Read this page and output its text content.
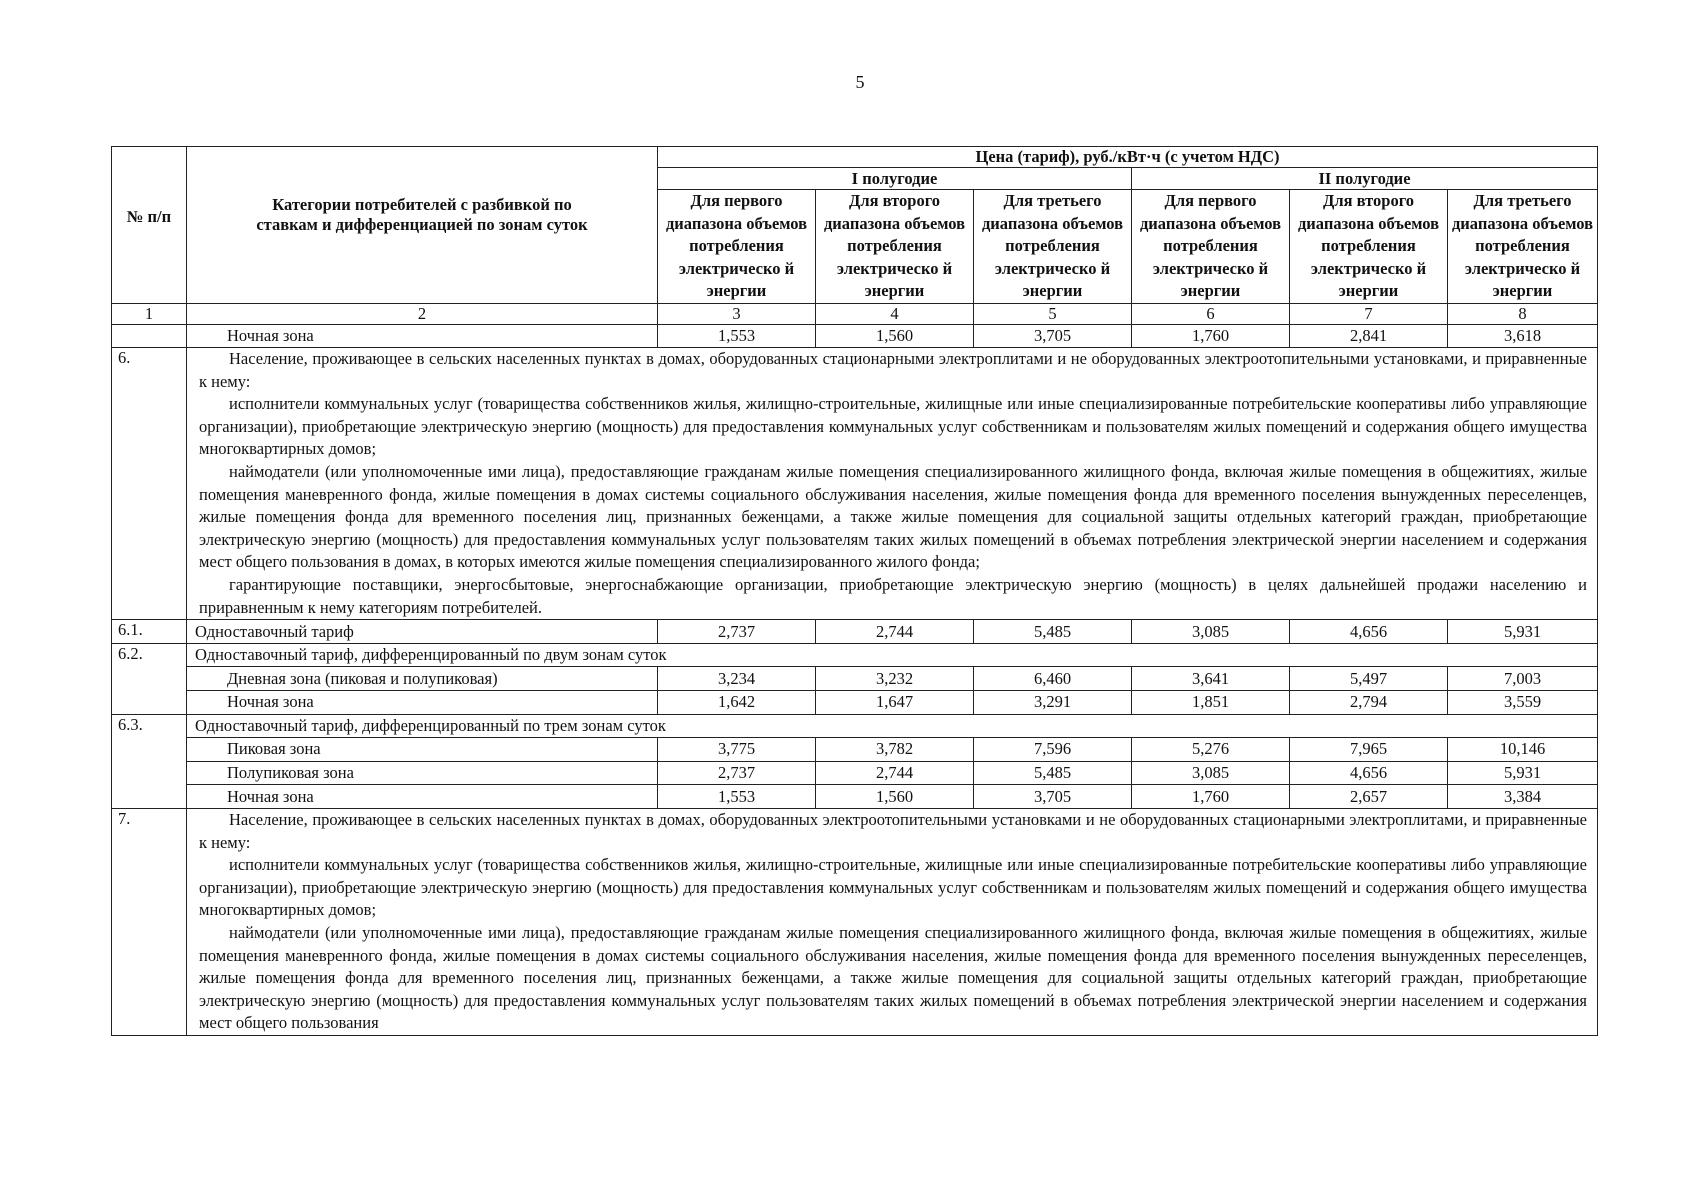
5
№ п/п	Категории потребителей с разбивкой по ставкам и дифференциацией по зонам суток	Цена (тариф), руб./кВт·ч (с учетом НДС)					
		I полугодие			II полугодие		
		Для первого диапазона объемов потребления электрическо й энергии	Для второго диапазона объемов потребления электрическо й энергии	Для третьего диапазона объемов потребления электрическо й энергии	Для первого диапазона объемов потребления электрическо й энергии	Для второго диапазона объемов потребления электрическо й энергии	Для третьего диапазона объемов потребления электрическо й энергии
1	2	3	4	5	6	7	8
	Ночная зона	1,553	1,560	3,705	1,760	2,841	3,618
6.	Население, проживающее в сельских населенных пунктах в домах, оборудованных стационарными электроплитами и не оборудованных электроотопительными установками, и приравненные к нему:

исполнители коммунальных услуг (товарищества собственников жилья, жилищно-строительные, жилищные или иные специализированные потребительские кооперативы либо управляющие организации), приобретающие электрическую энергию (мощность) для предоставления коммунальных услуг собственникам и пользователям жилых помещений и содержания общего имущества многоквартирных домов;

наймодатели (или уполномоченные ими лица), предоставляющие гражданам жилые помещения специализированного жилищного фонда, включая жилые помещения в общежитиях, жилые помещения маневренного фонда, жилые помещения в домах системы социального обслуживания населения, жилые помещения фонда для временного поселения вынужденных переселенцев, жилые помещения фонда для временного поселения лиц, признанных беженцами, а также жилые помещения для социальной защиты отдельных категорий граждан, приобретающие электрическую энергию (мощность) для предоставления коммунальных услуг пользователям таких жилых помещений в объемах потребления электрической энергии населением и содержания мест общего пользования в домах, в которых имеются жилые помещения специализированного жилого фонда;

гарантирующие поставщики, энергосбытовые, энергоснабжающие организации, приобретающие электрическую энергию (мощность) в целях дальнейшей продажи населению и приравненным к нему категориям потребителей.						

6.1.	Одноставочный тариф	2,737	2,744	5,485	3,085	4,656	5,931
6.2.	Одноставочный тариф, дифференцированный по двум зонам суток						
	Дневная зона (пиковая и полупиковая)	3,234	3,232	6,460	3,641	5,497	7,003
	Ночная зона	1,642	1,647	3,291	1,851	2,794	3,559
6.3.	Одноставочный тариф, дифференцированный по трем зонам суток						
	Пиковая зона	3,775	3,782	7,596	5,276	7,965	10,146
	Полупиковая зона	2,737	2,744	5,485	3,085	4,656	5,931
	Ночная зона	1,553	1,560	3,705	1,760	2,657	3,384
7.	Население, проживающее в сельских населенных пунктах в домах, оборудованных электроотопительными установками и не оборудованных стационарными электроплитами, и приравненные к нему:

исполнители коммунальных услуг (товарищества собственников жилья, жилищно-строительные, жилищные или иные специализированные потребительские кооперативы либо управляющие организации), приобретающие электрическую энергию (мощность) для предоставления коммунальных услуг собственникам и пользователям жилых помещений и содержания общего имущества многоквартирных домов;

наймодатели (или уполномоченные ими лица), предоставляющие гражданам жилые помещения специализированного жилищного фонда, включая жилые помещения в общежитиях, жилые помещения маневренного фонда, жилые помещения в домах системы социального обслуживания населения, жилые помещения фонда для временного поселения вынужденных переселенцев, жилые помещения фонда для временного поселения лиц, признанных беженцами, а также жилые помещения для социальной защиты отдельных категорий граждан, приобретающие электрическую энергию (мощность) для предоставления коммунальных услуг пользователям таких жилых помещений в объемах потребления электрической энергии населением и содержания мест общего пользования						
